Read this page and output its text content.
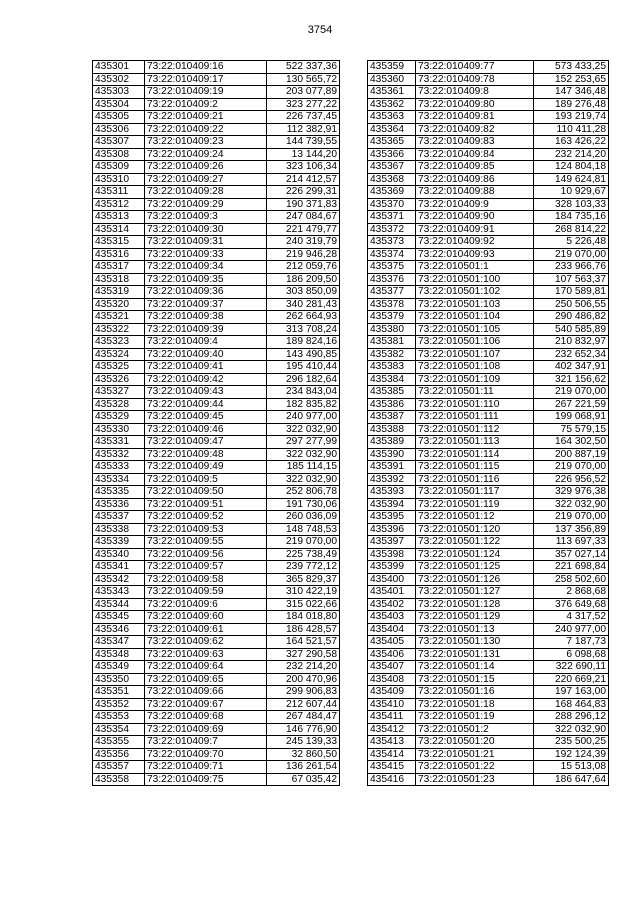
3754
435301	73:22:010409:16	522 337,36
435302	73:22:010409:17	130 565,72
435303	73:22:010409:19	203 077,89
435304	73:22:010409:2	323 277,22
435305	73:22:010409:21	226 737,45
435306	73:22:010409:22	112 382,91
435307	73:22:010409:23	144 739,55
435308	73:22:010409:24	13 144,20
435309	73:22:010409:26	323 106,34
435310	73:22:010409:27	214 412,57
435311	73:22:010409:28	226 299,31
435312	73:22:010409:29	190 371,83
435313	73:22:010409:3	247 084,67
435314	73:22:010409:30	221 479,77
435315	73:22:010409:31	240 319,79
435316	73:22:010409:33	219 946,28
435317	73:22:010409:34	212 059,76
435318	73:22:010409:35	186 209,50
435319	73:22:010409:36	303 850,09
435320	73:22:010409:37	340 281,43
435321	73:22:010409:38	262 664,93
435322	73:22:010409:39	313 708,24
435323	73:22:010409:4	189 824,16
435324	73:22:010409:40	143 490,85
435325	73:22:010409:41	195 410,44
435326	73:22:010409:42	296 182,64
435327	73:22:010409:43	234 843,04
435328	73:22:010409:44	182 835,82
435329	73:22:010409:45	240 977,00
435330	73:22:010409:46	322 032,90
435331	73:22:010409:47	297 277,99
435332	73:22:010409:48	322 032,90
435333	73:22:010409:49	185 114,15
435334	73:22:010409:5	322 032,90
435335	73:22:010409:50	252 806,78
435336	73:22:010409:51	191 730,06
435337	73:22:010409:52	260 036,09
435338	73:22:010409:53	148 748,53
435339	73:22:010409:55	219 070,00
435340	73:22:010409:56	225 738,49
435341	73:22:010409:57	239 772,12
435342	73:22:010409:58	365 829,37
435343	73:22:010409:59	310 422,19
435344	73:22:010409:6	315 022,66
435345	73:22:010409:60	184 018,80
435346	73:22:010409:61	186 428,57
435347	73:22:010409:62	164 521,57
435348	73:22:010409:63	327 290,58
435349	73:22:010409:64	232 214,20
435350	73:22:010409:65	200 470,96
435351	73:22:010409:66	299 906,83
435352	73:22:010409:67	212 607,44
435353	73:22:010409:68	267 484,47
435354	73:22:010409:69	146 776,90
435355	73:22:010409:7	245 139,33
435356	73:22:010409:70	32 860,50
435357	73:22:010409:71	136 261,54
435358	73:22:010409:75	67 035,42
435359	73:22:010409:77	573 433,25
435360	73:22:010409:78	152 253,65
435361	73:22:010409:8	147 346,48
435362	73:22:010409:80	189 276,48
435363	73:22:010409:81	193 219,74
435364	73:22:010409:82	110 411,28
435365	73:22:010409:83	163 426,22
435366	73:22:010409:84	232 214,20
435367	73:22:010409:85	124 804,18
435368	73:22:010409:86	149 624,81
435369	73:22:010409:88	10 929,67
435370	73:22:010409:9	328 103,33
435371	73:22:010409:90	184 735,16
435372	73:22:010409:91	268 814,22
435373	73:22:010409:92	5 226,48
435374	73:22:010409:93	219 070,00
435375	73:22:010501:1	233 966,76
435376	73:22:010501:100	107 563,37
435377	73:22:010501:102	170 589,81
435378	73:22:010501:103	250 506,55
435379	73:22:010501:104	290 486,82
435380	73:22:010501:105	540 585,89
435381	73:22:010501:106	210 832,97
435382	73:22:010501:107	232 652,34
435383	73:22:010501:108	402 347,91
435384	73:22:010501:109	321 156,62
435385	73:22:010501:11	219 070,00
435386	73:22:010501:110	267 221,59
435387	73:22:010501:111	199 068,91
435388	73:22:010501:112	75 579,15
435389	73:22:010501:113	164 302,50
435390	73:22:010501:114	200 887,19
435391	73:22:010501:115	219 070,00
435392	73:22:010501:116	226 956,52
435393	73:22:010501:117	329 976,38
435394	73:22:010501:119	322 032,90
435395	73:22:010501:12	219 070,00
435396	73:22:010501:120	137 356,89
435397	73:22:010501:122	113 697,33
435398	73:22:010501:124	357 027,14
435399	73:22:010501:125	221 698,84
435400	73:22:010501:126	258 502,60
435401	73:22:010501:127	2 868,68
435402	73:22:010501:128	376 649,68
435403	73:22:010501:129	4 317,52
435404	73:22:010501:13	240 977,00
435405	73:22:010501:130	7 187,73
435406	73:22:010501:131	6 098,68
435407	73:22:010501:14	322 690,11
435408	73:22:010501:15	220 669,21
435409	73:22:010501:16	197 163,00
435410	73:22:010501:18	168 464,83
435411	73:22:010501:19	288 296,12
435412	73:22:010501:2	322 032,90
435413	73:22:010501:20	235 500,25
435414	73:22:010501:21	192 124,39
435415	73:22:010501:22	15 513,08
435416	73:22:010501:23	186 647,64
